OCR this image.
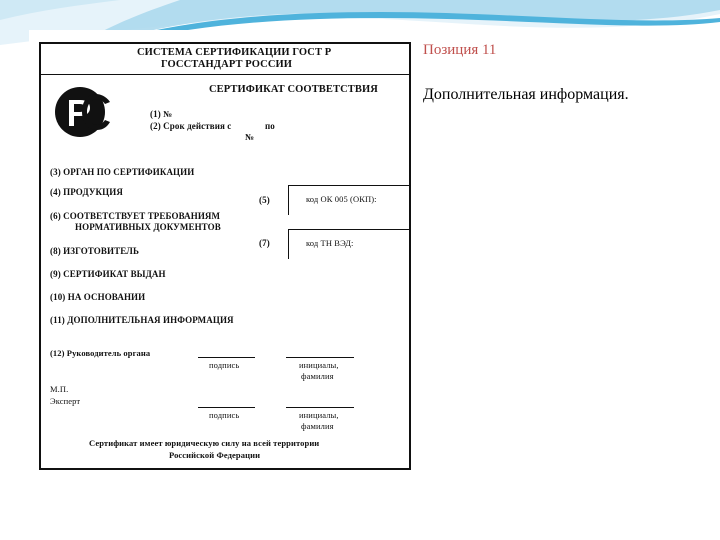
Позиция 11
Дополнительная информация.
СИСТЕМА СЕРТИФИКАЦИИ ГОСТ Р
ГОССТАНДАРТ РОССИИ
СЕРТИФИКАТ СООТВЕТСТВИЯ
(1) №
(2) Срок действия с	по
№
(3) ОРГАН ПО СЕРТИФИКАЦИИ
(4) ПРОДУКЦИЯ
(5)	код ОК 005 (ОКП):
(6) СООТВЕТСТВУЕТ ТРЕБОВАНИЯМ
НОРМАТИВНЫХ ДОКУМЕНТОВ
(7)	код ТН ВЭД:
(8) ИЗГОТОВИТЕЛЬ
(9) СЕРТИФИКАТ ВЫДАН
(10) НА ОСНОВАНИИ
(11) ДОПОЛНИТЕЛЬНАЯ ИНФОРМАЦИЯ
(12) Руководитель органа
подпись	инициалы,
фамилия
М.П.
Эксперт
подпись	инициалы,
фамилия
Сертификат имеет юридическую силу на всей территории
Российской Федерации
